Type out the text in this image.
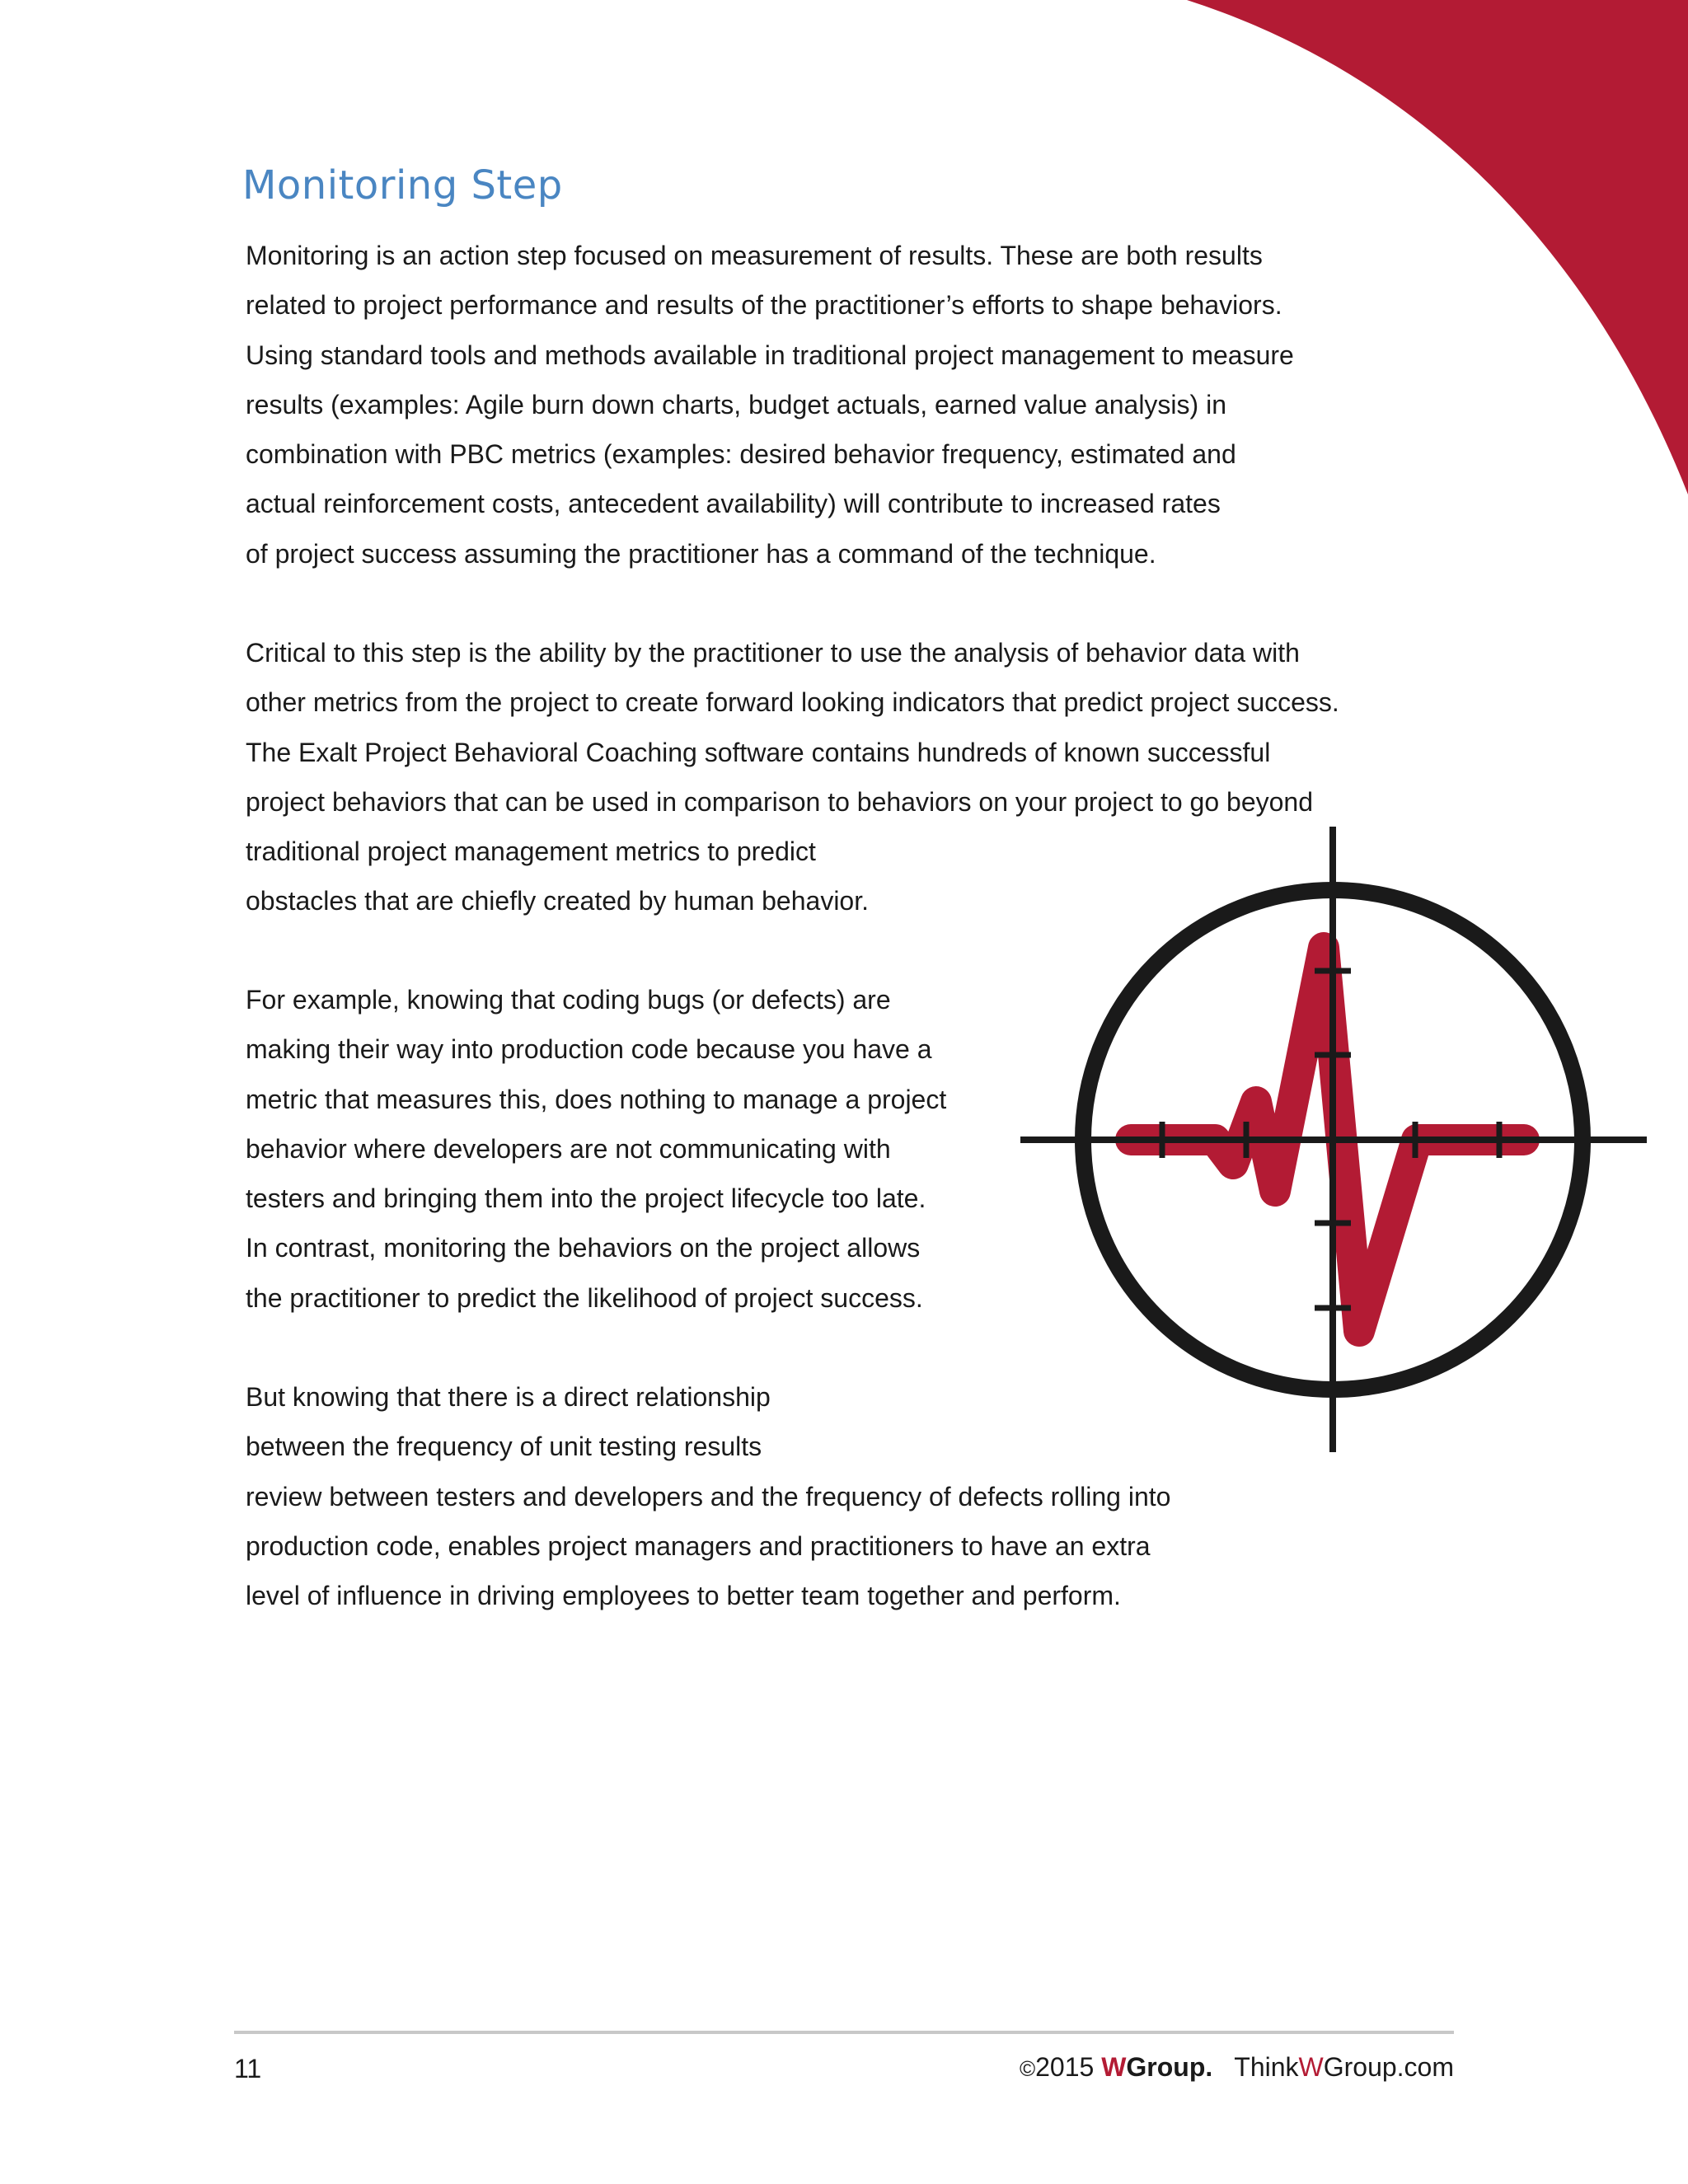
Monitoring Step
Monitoring is an action step focused on measurement of results. These are both results
related to project performance and results of the practitioner’s efforts to shape behaviors.
Using standard tools and methods available in traditional project management to measure
results (examples: Agile burn down charts, budget actuals, earned value analysis) in
combination with PBC metrics (examples: desired behavior frequency, estimated and
actual reinforcement costs, antecedent availability) will contribute to increased rates
of project success assuming the practitioner has a command of the technique.
Critical to this step is the ability by the practitioner to use the analysis of behavior data with
other metrics from the project to create forward looking indicators that predict project success.
The Exalt Project Behavioral Coaching software contains hundreds of known successful
project behaviors that can be used in comparison to behaviors on your project to go beyond
traditional project management metrics to predict
obstacles that are chiefly created by human behavior.
For example, knowing that coding bugs (or defects) are
making their way into production code because you have a
metric that measures this, does nothing to manage a project
behavior where developers are not communicating with
testers and bringing them into the project lifecycle too late.
In contrast, monitoring the behaviors on the project allows
the practitioner to predict the likelihood of project success.
But knowing that there is a direct relationship
between the frequency of unit testing results
review between testers and developers and the frequency of defects rolling into
production code, enables project managers and practitioners to have an extra
level of influence in driving employees to better team together and perform.
11	©2015 WGroup. ThinkWGroup.com
